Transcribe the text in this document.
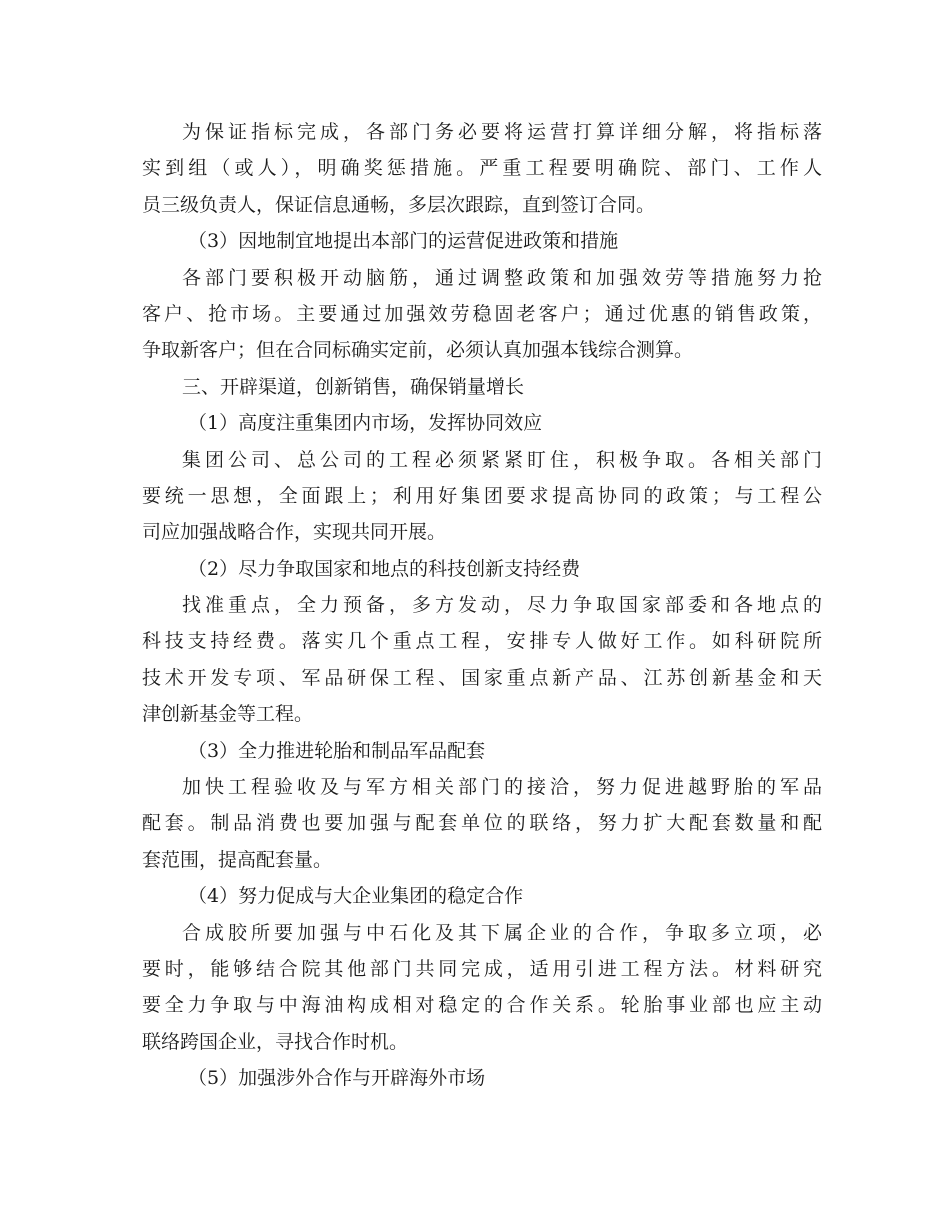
为保证指标完成，各部门务必要将运营打算详细分解，将指标落
实到组（或人），明确奖惩措施。严重工程要明确院、部门、工作人
员三级负责人，保证信息通畅，多层次跟踪，直到签订合同。
（3）因地制宜地提出本部门的运营促进政策和措施
各部门要积极开动脑筋，通过调整政策和加强效劳等措施努力抢
客户、抢市场。主要通过加强效劳稳固老客户；通过优惠的销售政策，
争取新客户；但在合同标确实定前，必须认真加强本钱综合测算。
三、开辟渠道，创新销售，确保销量增长
（1）高度注重集团内市场，发挥协同效应
集团公司、总公司的工程必须紧紧盯住，积极争取。各相关部门
要统一思想，全面跟上；利用好集团要求提高协同的政策；与工程公
司应加强战略合作，实现共同开展。
（2）尽力争取国家和地点的科技创新支持经费
找准重点，全力预备，多方发动，尽力争取国家部委和各地点的
科技支持经费。落实几个重点工程，安排专人做好工作。如科研院所
技术开发专项、军品研保工程、国家重点新产品、江苏创新基金和天
津创新基金等工程。
（3）全力推进轮胎和制品军品配套
加快工程验收及与军方相关部门的接洽，努力促进越野胎的军品
配套。制品消费也要加强与配套单位的联络，努力扩大配套数量和配
套范围，提高配套量。
（4）努力促成与大企业集团的稳定合作
合成胶所要加强与中石化及其下属企业的合作，争取多立项，必
要时，能够结合院其他部门共同完成，适用引进工程方法。材料研究
要全力争取与中海油构成相对稳定的合作关系。轮胎事业部也应主动
联络跨国企业，寻找合作时机。
（5）加强涉外合作与开辟海外市场
